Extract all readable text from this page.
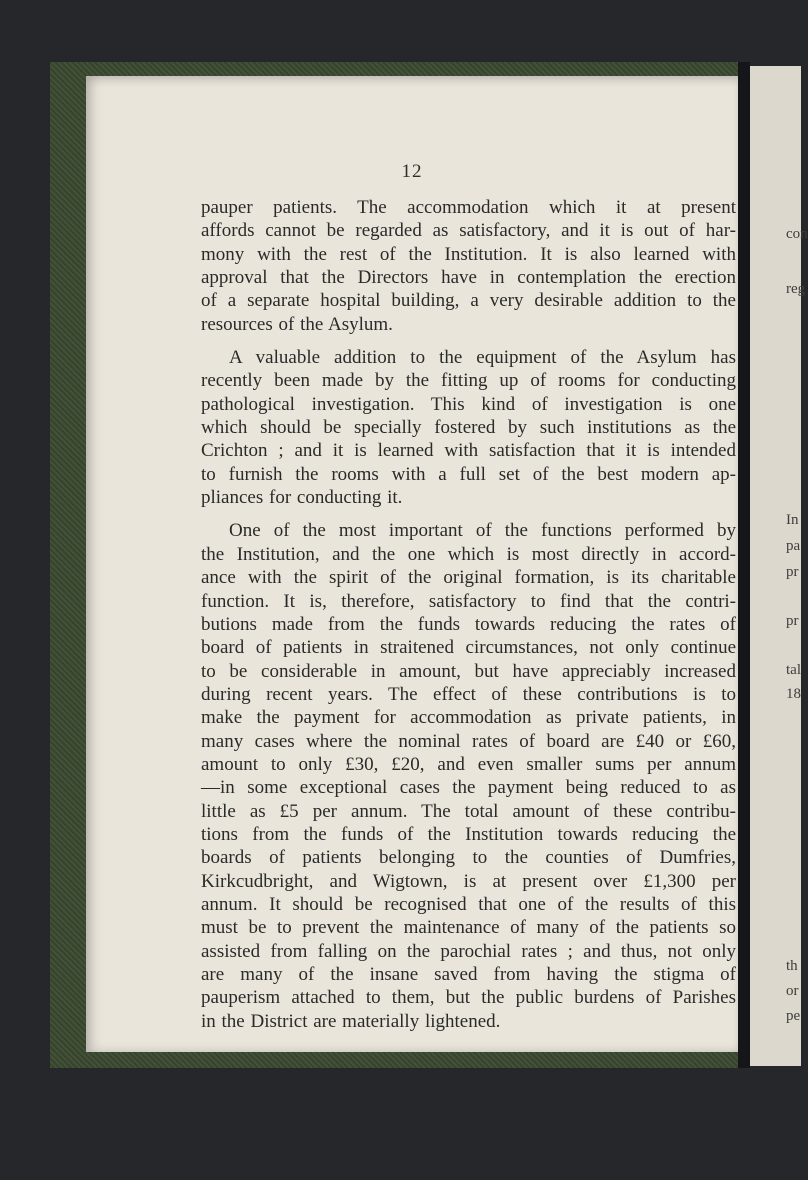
12
pauper patients. The accommodation which it at present
affords cannot be regarded as satisfactory, and it is out of har-
mony with the rest of the Institution. It is also learned with
approval that the Directors have in contemplation the erection
of a separate hospital building, a very desirable addition to the
resources of the Asylum.
A valuable addition to the equipment of the Asylum has
recently been made by the fitting up of rooms for conducting
pathological investigation. This kind of investigation is one
which should be specially fostered by such institutions as the
Crichton ; and it is learned with satisfaction that it is intended
to furnish the rooms with a full set of the best modern ap-
pliances for conducting it.
One of the most important of the functions performed by
the Institution, and the one which is most directly in accord-
ance with the spirit of the original formation, is its charitable
function. It is, therefore, satisfactory to find that the contri-
butions made from the funds towards reducing the rates of
board of patients in straitened circumstances, not only continue
to be considerable in amount, but have appreciably increased
during recent years. The effect of these contributions is to
make the payment for accommodation as private patients, in
many cases where the nominal rates of board are £40 or £60,
amount to only £30, £20, and even smaller sums per annum
—in some exceptional cases the payment being reduced to as
little as £5 per annum. The total amount of these contribu-
tions from the funds of the Institution towards reducing the
boards of patients belonging to the counties of Dumfries,
Kirkcudbright, and Wigtown, is at present over £1,300 per
annum. It should be recognised that one of the results of this
must be to prevent the maintenance of many of the patients so
assisted from falling on the parochial rates ; and thus, not only
are many of the insane saved from having the stigma of
pauperism attached to them, but the public burdens of Parishes
in the District are materially lightened.
con
reg
In
pa
pr
pr
tal
18
th
or
pe
